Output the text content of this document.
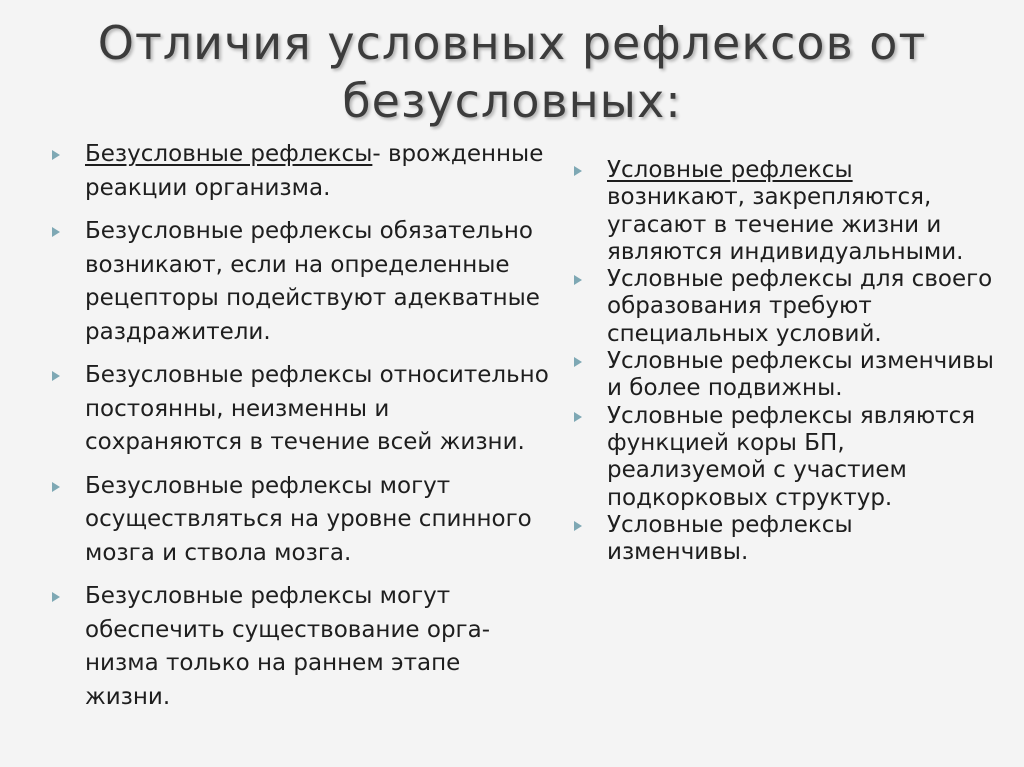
Отличия условных рефлексов от безусловных:
Безусловные рефлексы- врожденные реакции организма.
Безусловные рефлексы обязательно возникают, если на определенные рецепторы подействуют адекватные раздражители.
Безусловные рефлексы относительно постоянны, неизменны и сохраняются в течение всей жизни.
Безусловные рефлексы могут осуществляться на уровне спинного мозга и ствола мозга.
Безусловные рефлексы могут обеспечить существование орга-низма только на раннем этапе жизни.
Условные рефлексы возникают, закрепляются, угасают в течение жизни и являются индивидуальными.
Условные рефлексы для своего образования требуют специальных условий.
Условные рефлексы изменчивы и более подвижны.
Условные рефлексы являются функцией коры БП, реализуемой с участием подкорковых структур.
Условные рефлексы изменчивы.
